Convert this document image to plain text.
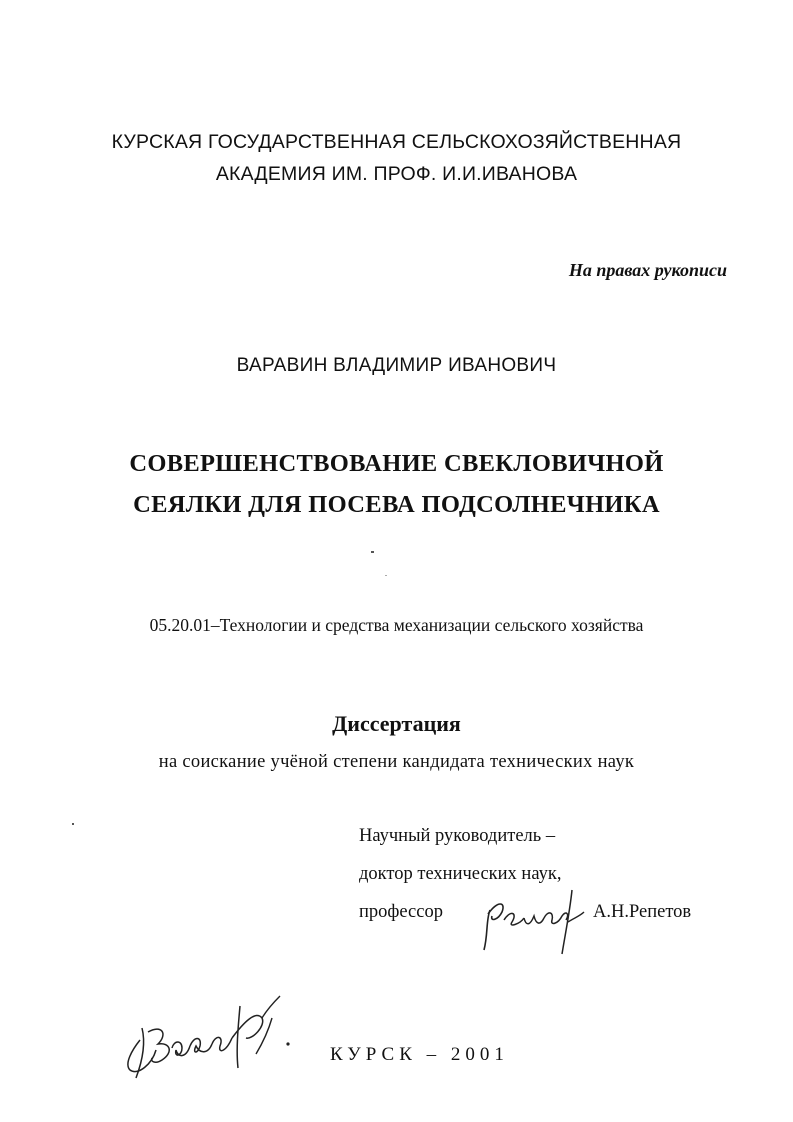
КУРСКАЯ ГОСУДАРСТВЕННАЯ СЕЛЬСКОХОЗЯЙСТВЕННАЯ
АКАДЕМИЯ ИМ. ПРОФ. И.И.ИВАНОВА
На правах рукописи
ВАРАВИН ВЛАДИМИР ИВАНОВИЧ
СОВЕРШЕНСТВОВАНИЕ СВЕКЛОВИЧНОЙ
СЕЯЛКИ ДЛЯ ПОСЕВА ПОДСОЛНЕЧНИКА
05.20.01–Технологии и средства механизации сельского хозяйства
Диссертация
на соискание учёной степени кандидата технических наук
Научный руководитель –
доктор технических наук,
профессор	А.Н.Репетов
КУРСК – 2001
